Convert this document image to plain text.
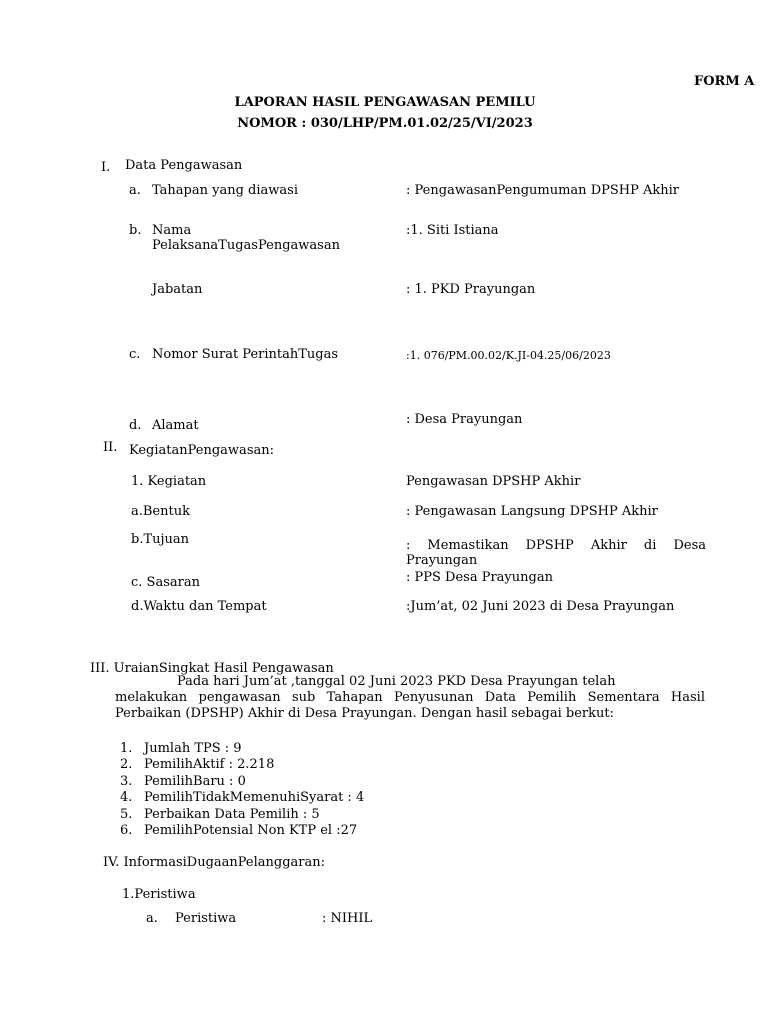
FORM A
LAPORAN HASIL PENGAWASAN PEMILU
NOMOR : 030/LHP/PM.01.02/25/VI/2023
I. Data Pengawasan
a. Tahapan yang diawasi	: PengawasanPengumuman DPSHP Akhir
b. Nama PelaksanaTugasPengawasan
:1. Siti Istiana
Jabatan	: 1. PKD Prayungan
c. Nomor Surat PerintahTugas	:1. 076/PM.00.02/K.JI-04.25/06/2023
d. Alamat	: Desa Prayungan
II. KegiatanPengawasan:
1. Kegiatan	Pengawasan DPSHP Akhir
a.Bentuk	: Pengawasan Langsung DPSHP Akhir
b.Tujuan	: Memastikan DPSHP Akhir di Desa Prayungan
c. Sasaran	: PPS Desa Prayungan
d.Waktu dan Tempat	:Jum’at, 02 Juni 2023 di Desa Prayungan
III. UraianSingkat Hasil Pengawasan
Pada hari Jum’at ,tanggal 02 Juni 2023 PKD Desa Prayungan telah
melakukan pengawasan sub Tahapan Penyusunan Data Pemilih Sementara Hasil Perbaikan (DPSHP) Akhir di Desa Prayungan. Dengan hasil sebagai berkut:
1. Jumlah TPS : 9
2. PemilihAktif : 2.218
3. PemilihBaru : 0
4. PemilihTidakMemenuhiSyarat : 4
5. Perbaikan Data Pemilih : 5
6. PemilihPotensial Non KTP el :27
IV. InformasiDugaanPelanggaran:
1.Peristiwa
a. Peristiwa	: NIHIL
